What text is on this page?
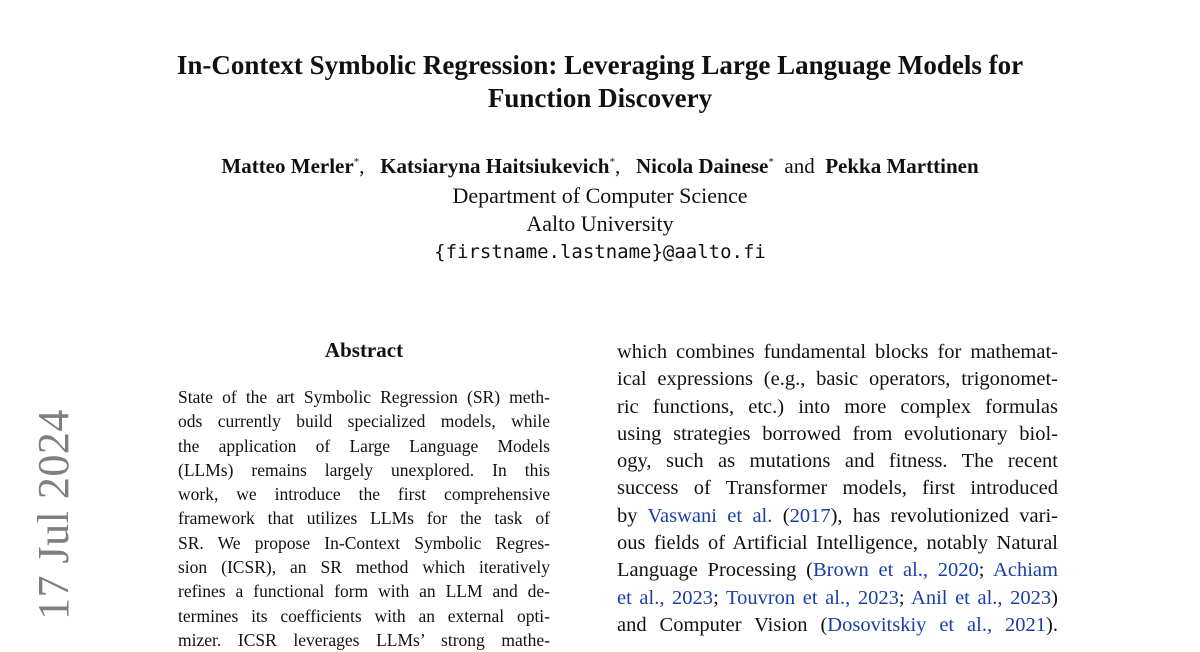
17 Jul 2024
In-Context Symbolic Regression: Leveraging Large Language Models for
Function Discovery
Matteo Merler*,   Katsiaryna Haitsiukevich*,   Nicola Dainese* and Pekka Marttinen
Department of Computer Science
Aalto University
{firstname.lastname}@aalto.fi
Abstract
State of the art Symbolic Regression (SR) meth-
ods currently build specialized models, while
the application of Large Language Models
(LLMs) remains largely unexplored. In this
work, we introduce the first comprehensive
framework that utilizes LLMs for the task of
SR. We propose In-Context Symbolic Regres-
sion (ICSR), an SR method which iteratively
refines a functional form with an LLM and de-
termines its coefficients with an external opti-
mizer. ICSR leverages LLMs’ strong mathe-
which combines fundamental blocks for mathemat-
ical expressions (e.g., basic operators, trigonomet-
ric functions, etc.) into more complex formulas
using strategies borrowed from evolutionary biol-
ogy, such as mutations and fitness. The recent
success of Transformer models, first introduced
by Vaswani et al. (2017), has revolutionized vari-
ous fields of Artificial Intelligence, notably Natural
Language Processing (Brown et al., 2020; Achiam
et al., 2023; Touvron et al., 2023; Anil et al., 2023)
and Computer Vision (Dosovitskiy et al., 2021).
